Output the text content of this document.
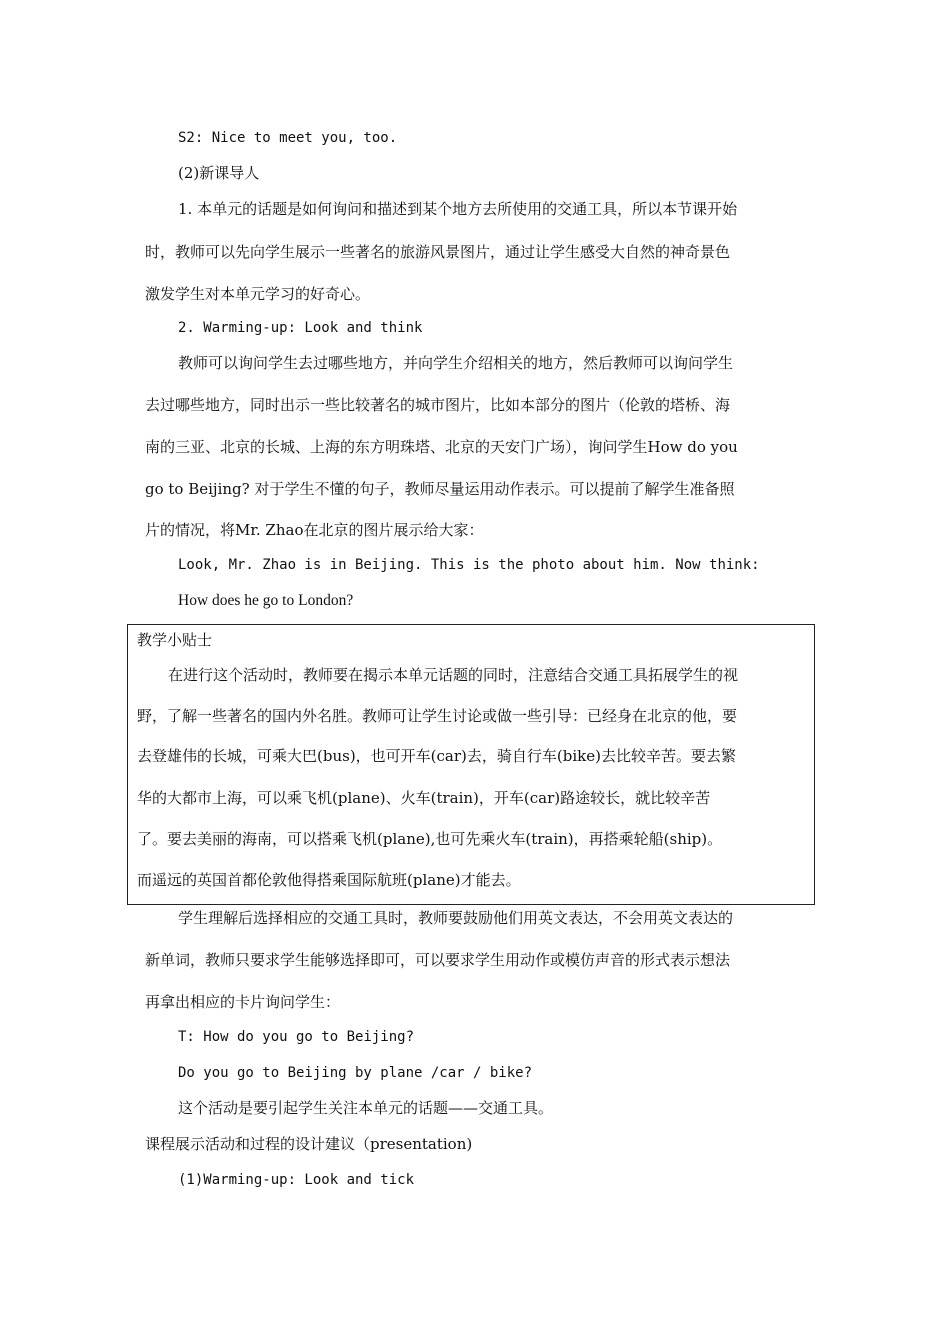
S2: Nice to meet you, too.
(2)新课导人
1. 本单元的话题是如何询问和描述到某个地方去所使用的交通工具，所以本节课开始
时，教师可以先向学生展示一些著名的旅游风景图片，通过让学生感受大自然的神奇景色
激发学生对本单元学习的好奇心。
2. Warming-up: Look and think
教师可以询问学生去过哪些地方，并向学生介绍相关的地方，然后教师可以询问学生
去过哪些地方，同时出示一些比较著名的城市图片，比如本部分的图片（伦敦的塔桥、海
南的三亚、北京的长城、上海的东方明珠塔、北京的天安门广场），询问学生How do you
go to Beijing? 对于学生不懂的句子，教师尽量运用动作表示。可以提前了解学生准备照
片的情况，将Mr. Zhao在北京的图片展示给大家：
Look, Mr. Zhao is in Beijing. This is the photo about him. Now think:
How does he go to London?
教学小贴士
在进行这个活动时，教师要在揭示本单元话题的同时，注意结合交通工具拓展学生的视
野，了解一些著名的国内外名胜。教师可让学生讨论或做一些引导：已经身在北京的他，要
去登雄伟的长城，可乘大巴(bus)，也可开车(car)去，骑自行车(bike)去比较辛苦。要去繁
华的大都市上海，可以乘飞机(plane)、火车(train)，开车(car)路途较长，就比较辛苦
了。要去美丽的海南，可以搭乘飞机(plane),也可先乘火车(train)，再搭乘轮船(ship)。
而遥远的英国首都伦敦他得搭乘国际航班(plane)才能去。
学生理解后选择相应的交通工具时，教师要鼓励他们用英文表达，不会用英文表达的
新单词，教师只要求学生能够选择即可，可以要求学生用动作或模仿声音的形式表示想法
再拿出相应的卡片询问学生：
T: How do you go to Beijing?
Do you go to Beijing by plane /car / bike?
这个活动是要引起学生关注本单元的话题——交通工具。
课程展示活动和过程的设计建议（presentation)
(1)Warming-up: Look and tick
